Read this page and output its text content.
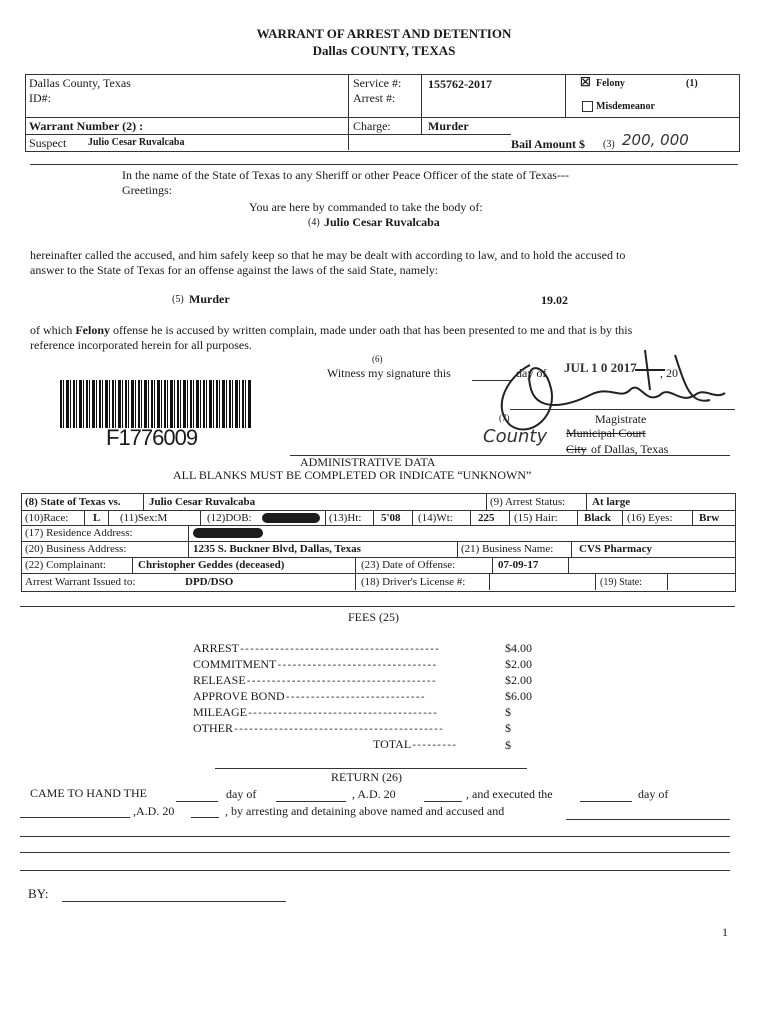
WARRANT OF ARREST AND DETENTION
Dallas COUNTY, TEXAS
Dallas County, Texas
ID#:
Service #: 155762-2017
Arrest #:
☒ Felony	(1)
Misdemeanor
Warrant Number (2) :	Charge:	Murder
Suspect Julio Cesar Ruvalcaba	Bail Amount $ (3) 200, 000
In the name of the State of Texas to any Sheriff or other Peace Officer of the state of Texas---
Greetings:
You are here by commanded to take the body of:
(4) Julio Cesar Ruvalcaba
hereinafter called the accused, and him safely keep so that he may be dealt with according to law, and to hold the accused to
answer to the State of Texas for an offense against the laws of the said State, namely:
(5) Murder	19.02
of which Felony offense he is accused by written complain, made under oath that has been presented to me and that is by this
reference incorporated herein for all purposes.
(6)
Witness my signature this	day of JUL 1 0 2017 , 20
(7)	Magistrate
Municipal Court
County
City of Dallas, Texas
F1776009
ADMINISTRATIVE DATA
ALL BLANKS MUST BE COMPLETED OR INDICATE “UNKNOWN”
(8) State of Texas vs.	Julio Cesar Ruvalcaba	(9) Arrest Status: At large
(10)Race: L (11)Sex:M	(12)DOB:	(13)Ht: 5'08 (14)Wt: 225 (15) Hair: Black (16) Eyes: Brw
(17) Residence Address:
(20) Business Address:	1235 S. Buckner Blvd, Dallas, Texas	(21) Business Name: CVS Pharmacy
(22) Complainant:	Christopher Geddes (deceased)	(23) Date of Offense:	07-09-17
Arrest Warrant Issued to:	DPD/DSO	(18) Driver's License #:	(19) State:
FEES (25)
ARREST----------------------------------------	$4.00
COMMITMENT--------------------------------	$2.00
RELEASE--------------------------------------	$2.00
APPROVE BOND----------------------------	$6.00
MILEAGE--------------------------------------	$
OTHER------------------------------------------	$
TOTAL---------	$
RETURN (26)
CAME TO HAND THE	day of	, A.D. 20	, and executed the	day of
,A.D. 20	, by arresting and detaining above named and accused and
BY:
1
